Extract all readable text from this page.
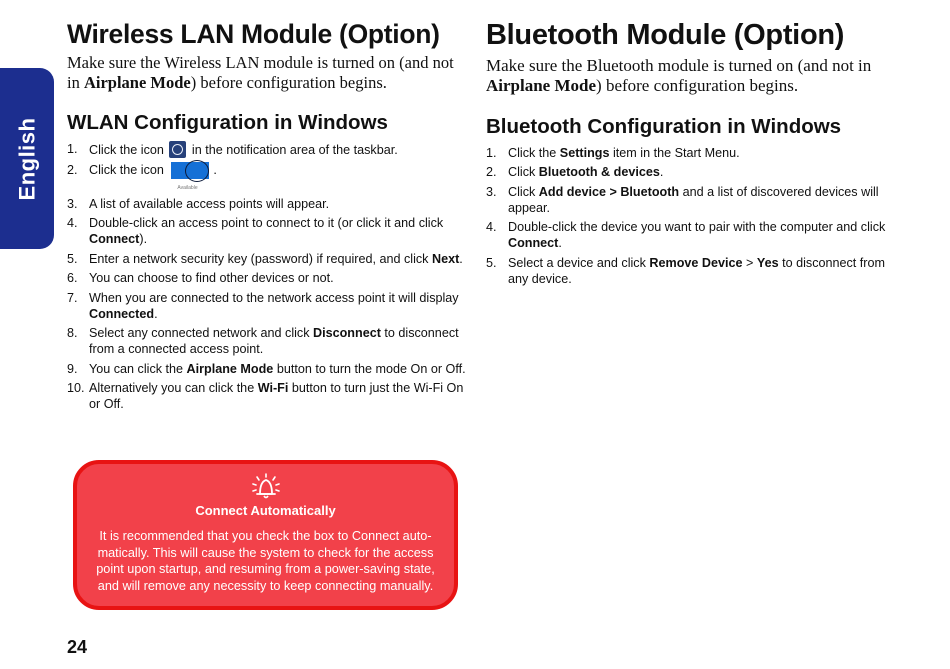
English
Wireless LAN Module (Option)

Make sure the Wireless LAN module is turned on (and not in Airplane Mode) before configuration begins.

WLAN Configuration in Windows
1. Click the icon in the notification area of the taskbar.
2. Click the icon
Available
.
3. A list of available access points will appear.
4. Double-click an access point to connect to it (or click it and click Connect).
5. Enter a network security key (password) if required, and click Next.
6. You can choose to find other devices or not.
7. When you are connected to the network access point it will display Connected.
8. Select any connected network and click Disconnect to disconnect from a connected access point.
9. You can click the Airplane Mode button to turn the mode On or Off.
10. Alternatively you can click the Wi-Fi button to turn just the Wi-Fi On or Off.
Bluetooth Module (Option)

Make sure the Bluetooth module is turned on (and not in Airplane Mode) before configuration begins.

Bluetooth Configuration in Windows
1. Click the Settings item in the Start Menu.
2. Click Bluetooth & devices.
3. Click Add device > Bluetooth and a list of discovered devices will appear.
4. Double-click the device you want to pair with the computer and click Connect.
5. Select a device and click Remove Device > Yes to disconnect from any device.
Connect Automatically
It is recommended that you check the box to Connect auto-matically. This will cause the system to check for the access point upon startup, and resuming from a power-saving state, and will remove any necessity to keep connecting manually.
24
